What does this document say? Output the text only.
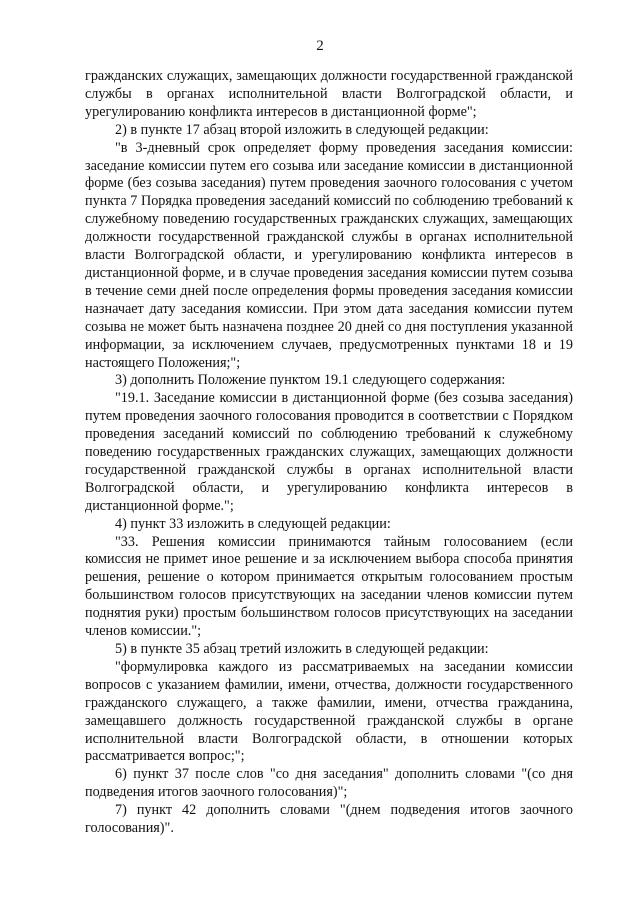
2

гражданских служащих, замещающих должности государственной гражданской службы в органах исполнительной власти Волгоградской области, и урегулированию конфликта интересов в дистанционной форме";

2) в пункте 17 абзац второй изложить в следующей редакции:

"в 3-дневный срок определяет форму проведения заседания комиссии: заседание комиссии путем его созыва или заседание комиссии в дистанционной форме (без созыва заседания) путем проведения заочного голосования с учетом пункта 7 Порядка проведения заседаний комиссий по соблюдению требований к служебному поведению государственных гражданских служащих, замещающих должности государственной гражданской службы в органах исполнительной власти Волгоградской области, и урегулированию конфликта интересов в дистанционной форме, и в случае проведения заседания комиссии путем созыва в течение семи дней после определения формы проведения заседания комиссии назначает дату заседания комиссии. При этом дата заседания комиссии путем созыва не может быть назначена позднее 20 дней со дня поступления указанной информации, за исключением случаев, предусмотренных пунктами 18 и 19 настоящего Положения;";

3) дополнить Положение пунктом 19.1 следующего содержания:

"19.1. Заседание комиссии в дистанционной форме (без созыва заседания) путем проведения заочного голосования проводится в соответствии с Порядком проведения заседаний комиссий по соблюдению требований к служебному поведению государственных гражданских служащих, замещающих должности государственной гражданской службы в органах исполнительной власти Волгоградской области, и урегулированию конфликта интересов в дистанционной форме.";

4) пункт 33 изложить в следующей редакции:

"33. Решения комиссии принимаются тайным голосованием (если комиссия не примет иное решение и за исключением выбора способа принятия решения, решение о котором принимается открытым голосованием простым большинством голосов присутствующих на заседании членов комиссии путем поднятия руки) простым большинством голосов присутствующих на заседании членов комиссии.";

5) в пункте 35 абзац третий изложить в следующей редакции:

"формулировка каждого из рассматриваемых на заседании комиссии вопросов с указанием фамилии, имени, отчества, должности государственного гражданского служащего, а также фамилии, имени, отчества гражданина, замещавшего должность государственной гражданской службы в органе исполнительной власти Волгоградской области, в отношении которых рассматривается вопрос;";

6) пункт 37 после слов "со дня заседания" дополнить словами "(со дня подведения итогов заочного голосования)";

7) пункт 42 дополнить словами "(днем подведения итогов заочного голосования)".
